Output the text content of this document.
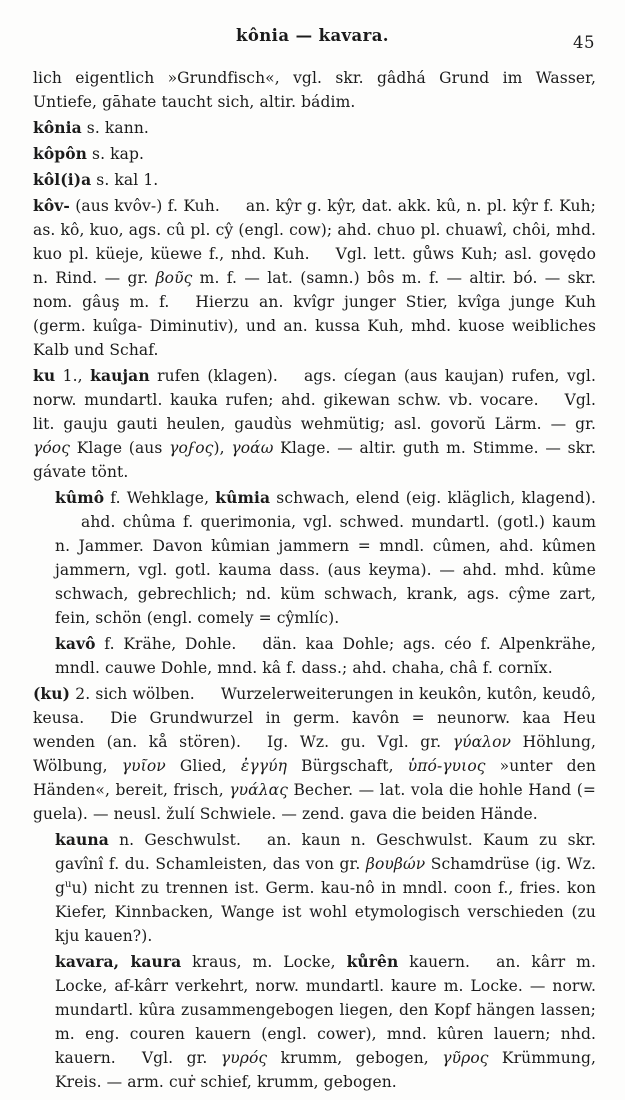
kônia — kavara.	45

lich eigentlich »Grundfisch«, vgl. skr. gâdhá Grund im Wasser, Untiefe, gāhate taucht sich, altir. bádim.

kônia s. kann.

kôpôn s. kap.

kôl(i)a s. kal 1.

kôv- (aus kvôv-) f. Kuh. an. kŷr g. kŷr, dat. akk. kû, n. pl. kŷr f. Kuh; as. kô, kuo, ags. cû pl. cŷ (engl. cow); ahd. chuo pl. chuawî, chôi, mhd. kuo pl. küeje, küewe f., nhd. Kuh. Vgl. lett. gůws Kuh; asl. govędo n. Rind. — gr. βοῦς m. f. — lat. (samn.) bôs m. f. — altir. bó. — skr. nom. gâuş m. f. Hierzu an. kvîgr junger Stier, kvîga junge Kuh (germ. kuîga- Diminutiv), und an. kussa Kuh, mhd. kuose weibliches Kalb und Schaf.

ku 1., kaujan rufen (klagen). ags. cíegan (aus kaujan) rufen, vgl. norw. mundartl. kauka rufen; ahd. gikewan schw. vb. vocare. Vgl. lit. gauju gauti heulen, gaudùs wehmütig; asl. govorŭ Lärm. — gr. γόος Klage (aus γοϝος), γοάω Klage. — altir. guth m. Stimme. — skr. gávate tönt.

kûmô f. Wehklage, kûmia schwach, elend (eig. kläglich, klagend).ahd. chûma f. querimonia, vgl. schwed. mundartl. (gotl.) kaum n. Jammer. Davon kûmian jammern = mndl. cûmen, ahd. kûmen jammern, vgl. gotl. kauma dass. (aus keyma). — ahd. mhd. kûme schwach, gebrechlich; nd. küm schwach, krank, ags. cŷme zart, fein, schön (engl. comely = cŷmlíc).

kavô f. Krähe, Dohle. dän. kaa Dohle; ags. céo f. Alpenkrähe, mndl. cauwe Dohle, mnd. kâ f. dass.; ahd. chaha, châ f. cornĭx.

(ku) 2. sich wölben. Wurzelerweiterungen in keukôn, kutôn, keudô, keusa. Die Grundwurzel in germ. kavôn = neunorw. kaa Heu wenden (an. kå stören). Ig. Wz. gu. Vgl. gr. γύαλον Höhlung, Wölbung, γυῖον Glied, ἐγγύη Bürgschaft, ὑπό-γυιος »unter den Händen«, bereit, frisch, γυάλας Becher. — lat. vola die hohle Hand (= guela). — neusl. žulí Schwiele. — zend. gava die beiden Hände.

kauna n. Geschwulst. an. kaun n. Geschwulst. Kaum zu skr. gavînî f. du. Schamleisten, das von gr. βουβών Schamdrüse (ig. Wz. $g^uu$) nicht zu trennen ist. Germ. kau-nô in mndl. coon f., fries. kon Kiefer, Kinnbacken, Wange ist wohl etymologisch verschieden (zu kju kauen?).

kavara, kaura kraus, m. Locke, kůrên kauern. an. kârr m. Locke, af-kârr verkehrt, norw. mundartl. kaure m. Locke. — norw. mundartl. kûra zusammengebogen liegen, den Kopf hängen lassen; m. eng. couren kauern (engl. cower), mnd. kûren lauern; nhd. kauern. Vgl. gr. γυρός krumm, gebogen, γῦρος Krümmung, Kreis. — arm. cuṙ schief, krumm, gebogen.
